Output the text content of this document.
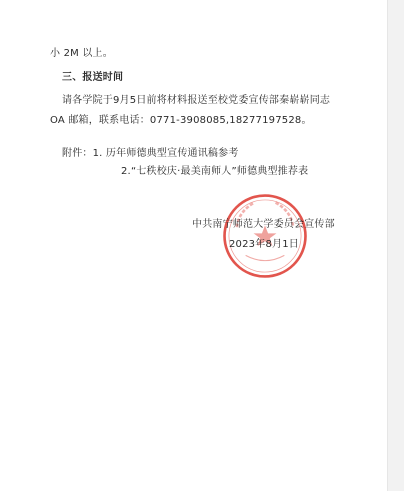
小 2M 以上。
三、报送时间
请各学院于9月5日前将材料报送至校党委宣传部秦崭崭同志
OA 邮箱，联系电话：0771-3908085,18277197528。
附件：1. 历年师德典型宣传通讯稿参考
2.“七秩校庆·最美南师人”师德典型推荐表
中共南宁师范大学委员会宣传部
2023年8月1日
